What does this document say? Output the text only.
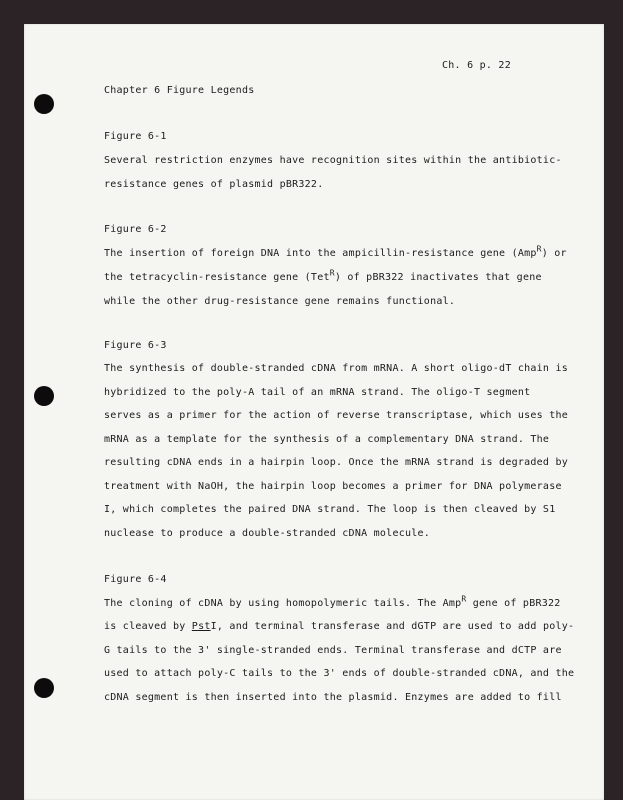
Ch. 6 p. 22
Chapter 6 Figure Legends
Figure 6-1
Several restriction enzymes have recognition sites within the antibiotic-
resistance genes of plasmid pBR322.
Figure 6-2
The insertion of foreign DNA into the ampicillin-resistance gene (Amp$^R$) or
the tetracyclin-resistance gene (Tet$^R$) of pBR322 inactivates that gene
while the other drug-resistance gene remains functional.
Figure 6-3
The synthesis of double-stranded cDNA from mRNA. A short oligo-dT chain is
hybridized to the poly-A tail of an mRNA strand. The oligo-T segment
serves as a primer for the action of reverse transcriptase, which uses the
mRNA as a template for the synthesis of a complementary DNA strand. The
resulting cDNA ends in a hairpin loop. Once the mRNA strand is degraded by
treatment with NaOH, the hairpin loop becomes a primer for DNA polymerase
I, which completes the paired DNA strand. The loop is then cleaved by S1
nuclease to produce a double-stranded cDNA molecule.
Figure 6-4
The cloning of cDNA by using homopolymeric tails. The Amp$^R$ gene of pBR322
is cleaved by PstI, and terminal transferase and dGTP are used to add poly-
G tails to the 3' single-stranded ends. Terminal transferase and dCTP are
used to attach poly-C tails to the 3' ends of double-stranded cDNA, and the
cDNA segment is then inserted into the plasmid. Enzymes are added to fill
